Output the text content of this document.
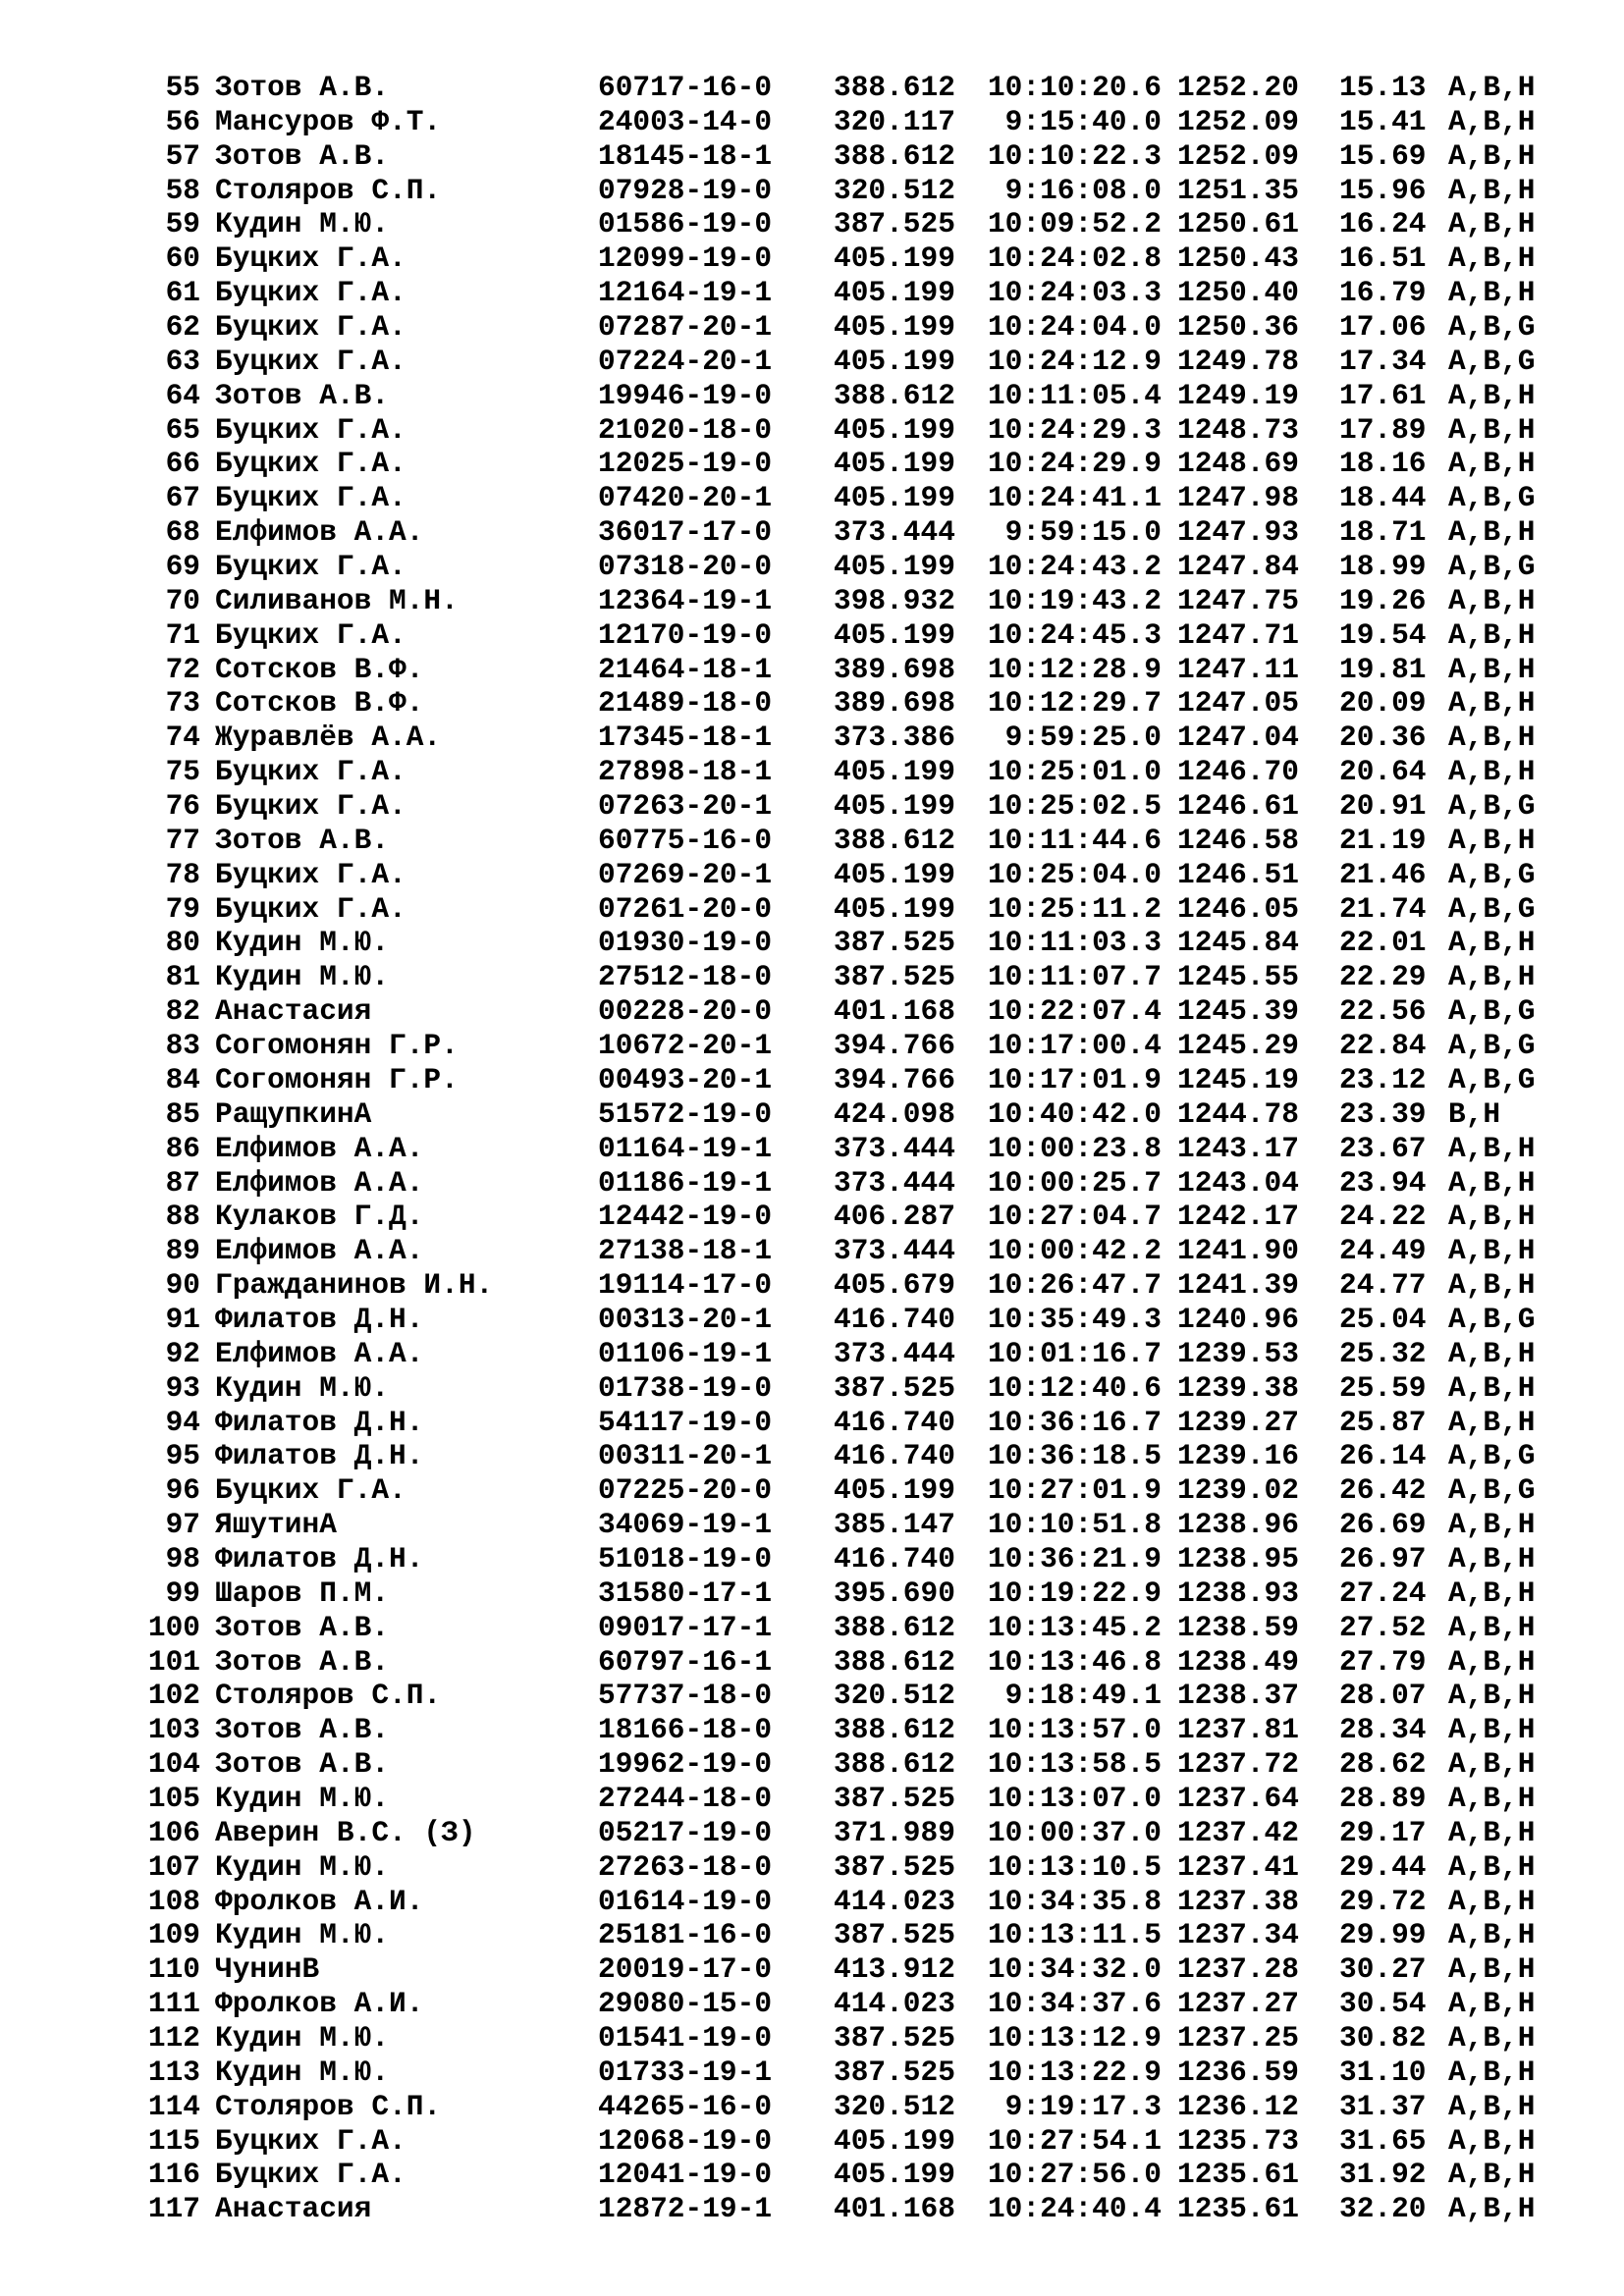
55 Зотов А.В.	60717-16-0 388.612 10:10:20.6 1252.20 15.13 A,B,H
56 Мансуров Ф.Т.	24003-14-0 320.117 9:15:40.0 1252.09 15.41 A,B,H
57 Зотов А.В.	18145-18-1 388.612 10:10:22.3 1252.09 15.69 A,B,H
58 Столяров С.П.	07928-19-0 320.512 9:16:08.0 1251.35 15.96 A,B,H
59 Кудин М.Ю.	01586-19-0 387.525 10:09:52.2 1250.61 16.24 A,B,H
60 Буцких Г.А.	12099-19-0 405.199 10:24:02.8 1250.43 16.51 A,B,H
61 Буцких Г.А.	12164-19-1 405.199 10:24:03.3 1250.40 16.79 A,B,H
62 Буцких Г.А.	07287-20-1 405.199 10:24:04.0 1250.36 17.06 A,B,G
63 Буцких Г.А.	07224-20-1 405.199 10:24:12.9 1249.78 17.34 A,B,G
64 Зотов А.В.	19946-19-0 388.612 10:11:05.4 1249.19 17.61 A,B,H
65 Буцких Г.А.	21020-18-0 405.199 10:24:29.3 1248.73 17.89 A,B,H
66 Буцких Г.А.	12025-19-0 405.199 10:24:29.9 1248.69 18.16 A,B,H
67 Буцких Г.А.	07420-20-1 405.199 10:24:41.1 1247.98 18.44 A,B,G
68 Елфимов А.А.	36017-17-0 373.444 9:59:15.0 1247.93 18.71 A,B,H
69 Буцких Г.А.	07318-20-0 405.199 10:24:43.2 1247.84 18.99 A,B,G
70 Силиванов М.Н.	12364-19-1 398.932 10:19:43.2 1247.75 19.26 A,B,H
71 Буцких Г.А.	12170-19-0 405.199 10:24:45.3 1247.71 19.54 A,B,H
72 Сотсков В.Ф.	21464-18-1 389.698 10:12:28.9 1247.11 19.81 A,B,H
73 Сотсков В.Ф.	21489-18-0 389.698 10:12:29.7 1247.05 20.09 A,B,H
74 Журавлёв А.А.	17345-18-1 373.386 9:59:25.0 1247.04 20.36 A,B,H
75 Буцких Г.А.	27898-18-1 405.199 10:25:01.0 1246.70 20.64 A,B,H
76 Буцких Г.А.	07263-20-1 405.199 10:25:02.5 1246.61 20.91 A,B,G
77 Зотов А.В.	60775-16-0 388.612 10:11:44.6 1246.58 21.19 A,B,H
78 Буцких Г.А.	07269-20-1 405.199 10:25:04.0 1246.51 21.46 A,B,G
79 Буцких Г.А.	07261-20-0 405.199 10:25:11.2 1246.05 21.74 A,B,G
80 Кудин М.Ю.	01930-19-0 387.525 10:11:03.3 1245.84 22.01 A,B,H
81 Кудин М.Ю.	27512-18-0 387.525 10:11:07.7 1245.55 22.29 A,B,H
82 Анастасия	00228-20-0 401.168 10:22:07.4 1245.39 22.56 A,B,G
83 Согомонян Г.Р.	10672-20-1 394.766 10:17:00.4 1245.29 22.84 A,B,G
84 Согомонян Г.Р.	00493-20-1 394.766 10:17:01.9 1245.19 23.12 A,B,G
85 РащупкинА	51572-19-0 424.098 10:40:42.0 1244.78 23.39 B,H
86 Елфимов А.А.	01164-19-1 373.444 10:00:23.8 1243.17 23.67 A,B,H
87 Елфимов А.А.	01186-19-1 373.444 10:00:25.7 1243.04 23.94 A,B,H
88 Кулаков Г.Д.	12442-19-0 406.287 10:27:04.7 1242.17 24.22 A,B,H
89 Елфимов А.А.	27138-18-1 373.444 10:00:42.2 1241.90 24.49 A,B,H
90 Гражданинов И.Н.	19114-17-0 405.679 10:26:47.7 1241.39 24.77 A,B,H
91 Филатов Д.Н.	00313-20-1 416.740 10:35:49.3 1240.96 25.04 A,B,G
92 Елфимов А.А.	01106-19-1 373.444 10:01:16.7 1239.53 25.32 A,B,H
93 Кудин М.Ю.	01738-19-0 387.525 10:12:40.6 1239.38 25.59 A,B,H
94 Филатов Д.Н.	54117-19-0 416.740 10:36:16.7 1239.27 25.87 A,B,H
95 Филатов Д.Н.	00311-20-1 416.740 10:36:18.5 1239.16 26.14 A,B,G
96 Буцких Г.А.	07225-20-0 405.199 10:27:01.9 1239.02 26.42 A,B,G
97 ЯшутинА	34069-19-1 385.147 10:10:51.8 1238.96 26.69 A,B,H
98 Филатов Д.Н.	51018-19-0 416.740 10:36:21.9 1238.95 26.97 A,B,H
99 Шаров П.М.	31580-17-1 395.690 10:19:22.9 1238.93 27.24 A,B,H
100 Зотов А.В.	09017-17-1 388.612 10:13:45.2 1238.59 27.52 A,B,H
101 Зотов А.В.	60797-16-1 388.612 10:13:46.8 1238.49 27.79 A,B,H
102 Столяров С.П.	57737-18-0 320.512 9:18:49.1 1238.37 28.07 A,B,H
103 Зотов А.В.	18166-18-0 388.612 10:13:57.0 1237.81 28.34 A,B,H
104 Зотов А.В.	19962-19-0 388.612 10:13:58.5 1237.72 28.62 A,B,H
105 Кудин М.Ю.	27244-18-0 387.525 10:13:07.0 1237.64 28.89 A,B,H
106 Аверин В.С. (З)	05217-19-0 371.989 10:00:37.0 1237.42 29.17 A,B,H
107 Кудин М.Ю.	27263-18-0 387.525 10:13:10.5 1237.41 29.44 A,B,H
108 Фролков А.И.	01614-19-0 414.023 10:34:35.8 1237.38 29.72 A,B,H
109 Кудин М.Ю.	25181-16-0 387.525 10:13:11.5 1237.34 29.99 A,B,H
110 ЧунинВ	20019-17-0 413.912 10:34:32.0 1237.28 30.27 A,B,H
111 Фролков А.И.	29080-15-0 414.023 10:34:37.6 1237.27 30.54 A,B,H
112 Кудин М.Ю.	01541-19-0 387.525 10:13:12.9 1237.25 30.82 A,B,H
113 Кудин М.Ю.	01733-19-1 387.525 10:13:22.9 1236.59 31.10 A,B,H
114 Столяров С.П.	44265-16-0 320.512 9:19:17.3 1236.12 31.37 A,B,H
115 Буцких Г.А.	12068-19-0 405.199 10:27:54.1 1235.73 31.65 A,B,H
116 Буцких Г.А.	12041-19-0 405.199 10:27:56.0 1235.61 31.92 A,B,H
117 Анастасия	12872-19-1 401.168 10:24:40.4 1235.61 32.20 A,B,H
